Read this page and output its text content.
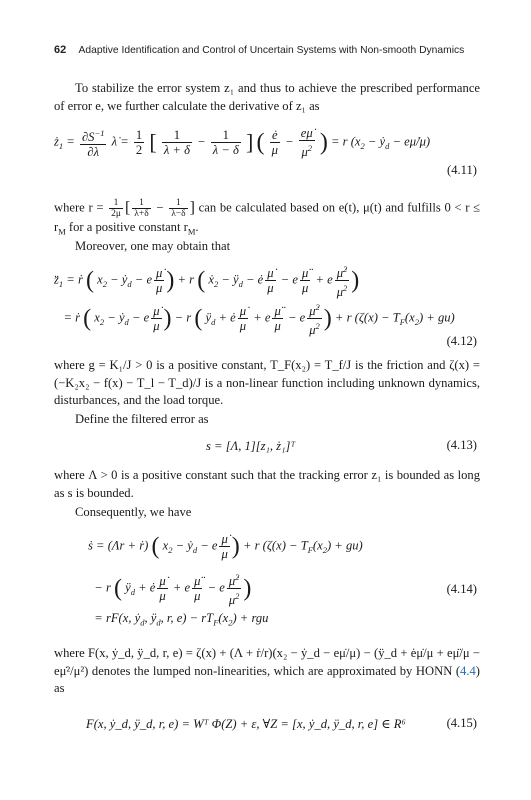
62 Adaptive Identification and Control of Uncertain Systems with Non-smooth Dynamics
To stabilize the error system z₁ and thus to achieve the prescribed performance of error e, we further calculate the derivative of z₁ as
$ż_1 = \frac{\partial S^{-1}}{\partial\lambda}$ λ̇ = $\frac{1}{2}$ [ $\frac{1}{\lambda + \delta} - \frac{1}{\lambda - \delta}$ ] ( $\frac{ė}{\mu} - \frac{e\mu̇}{\mu^2}$ ) = r ($x_2$ − ẏ$_d$ − eμ̇/μ)
(4.11)
where $r = \frac{1}{2\mu}$ [ $\frac{1}{\lambda+\delta} - \frac{1}{\lambda-\delta}$ ] can be calculated based on e(t), μ(t) and fulfills $0 < r \le r_M$ for a positive constant $r_M$.
Moreover, one may obtain that
$z̈_1$ = ṙ ( $x_2$ − ẏ$_d$ − e $\frac{\mu̇}{\mu}$ ) + r ( ẋ$_2$ − $ÿ_d$ − ė $\frac{\mu̇}{\mu} - e \frac{\mü}{\mu} + e \frac{\mu̇^2}{\mu^2}$ )
= ṙ ( $x_2$ − ẏ$_d$ − e $\frac{\mu̇}{\mu}$ ) − r ( $ÿ_d$ + ė $\frac{\mu̇}{\mu} + e \frac{\mü}{\mu} - e \frac{\mu̇^2}{\mu^2}$ ) + r $(\zeta(x) - T_F(x_2) + gu)$
(4.12)
where g = K₁/J > 0 is a positive constant, T_F(x₂) = T_f/J is the friction and ζ(x) = (−K₂x₂ − f(x) − T_l − T_d)/J is a non-linear function including unknown dynamics, disturbances, and the load torque.
Define the filtered error as
s = [Λ, 1][z₁, ż₁]ᵀ	(4.13)
where Λ > 0 is a positive constant such that the tracking error z₁ is bounded as long as s is bounded.
Consequently, we have
ṡ = (Λr + ṙ) ( $x_2$ − ẏ$_d$ − e $\frac{\mu̇}{\mu}$ ) + r $(\zeta(x) - T_F(x_2) + gu)$
− r ( $ÿ_d$ + ė $\frac{\mu̇}{\mu} + e \frac{\mü}{\mu} - e \frac{\mu̇^2}{\mu^2}$ )
= rF(x, ẏ$_d$, $ÿ_d$, r, $e) - rT_F(x_2)$ + rgu
(4.14)
where F(x, ẏ_d, ÿ_d, r, e) = ζ(x) + (Λ + ṙ/r)(x₂ − ẏ_d − eμ̇/μ) − (ÿ_d + ėμ̇/μ + eμ̈/μ − eμ̇²/μ²) denotes the lumped non-linearities, which are approximated by HONN (4.4) as
F(x, ẏ_d, ÿ_d, r, e) = Wᵀ Φ(Z) + ε, ∀Z = [x, ẏ_d, ÿ_d, r, e] ∈ R⁶	(4.15)
